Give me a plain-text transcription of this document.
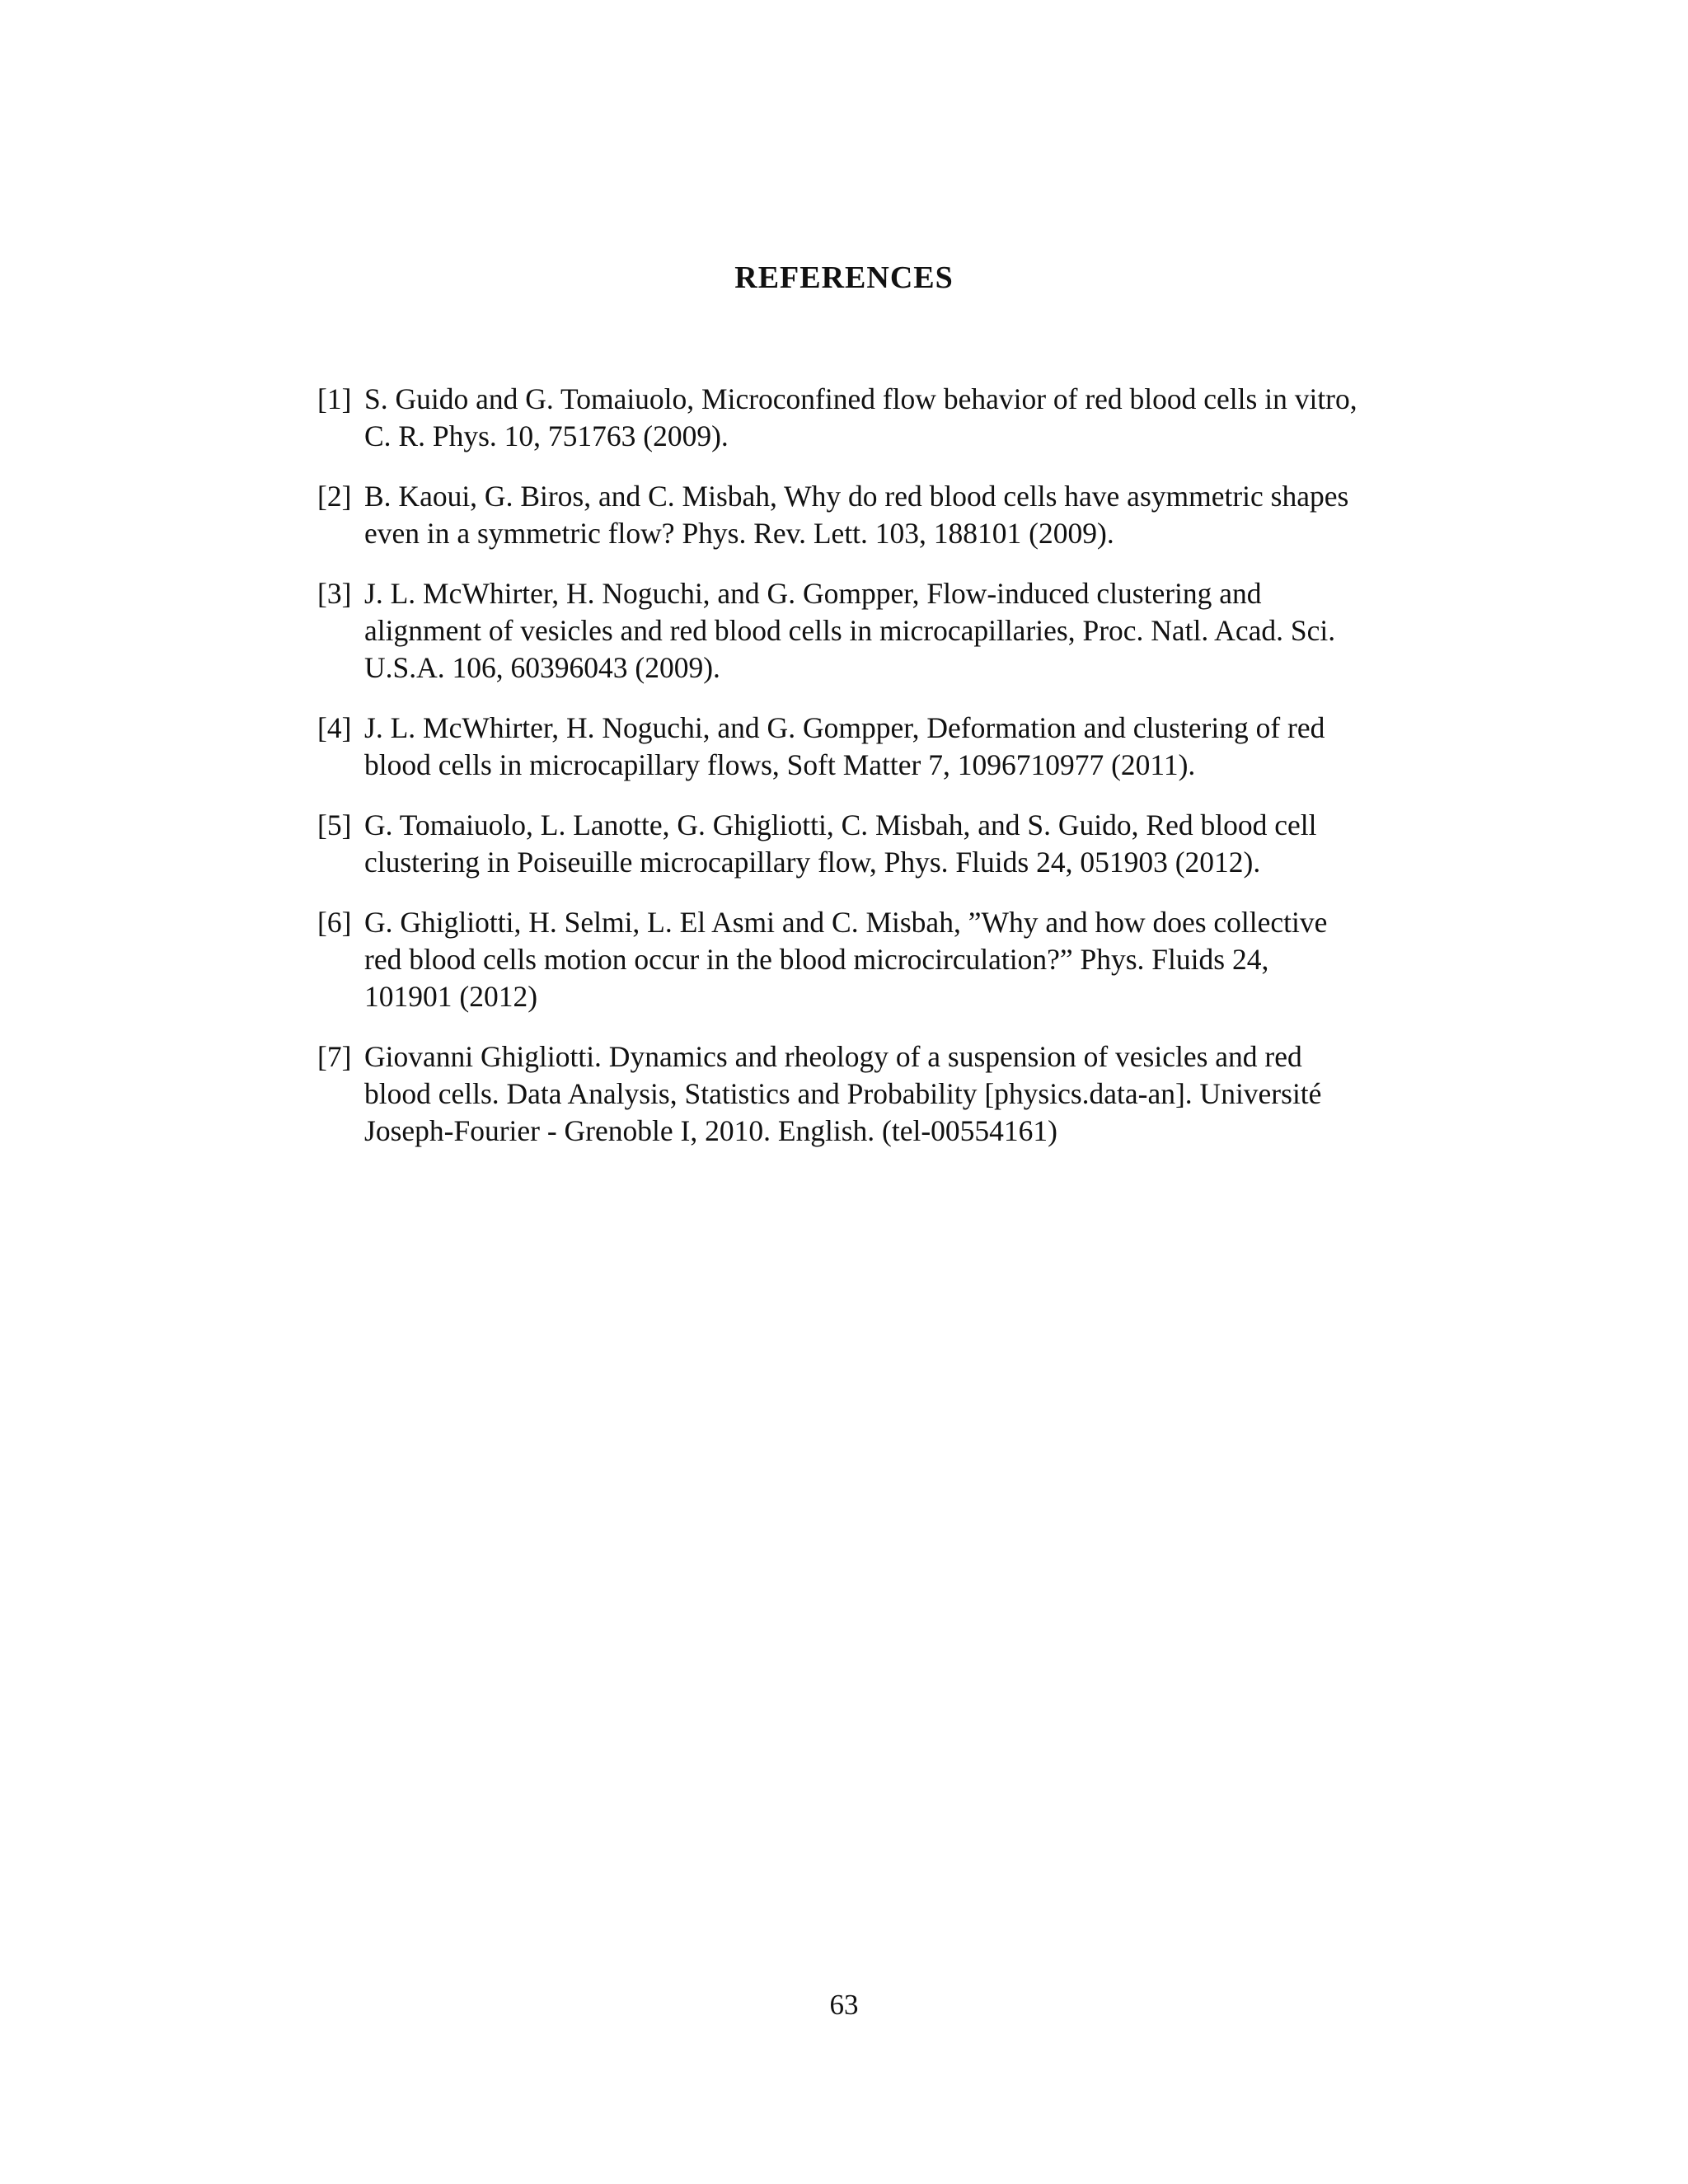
REFERENCES
[1] S. Guido and G. Tomaiuolo, Microconfined flow behavior of red blood cells in vitro,
C. R. Phys. 10, 751763 (2009).
[2] B. Kaoui, G. Biros, and C. Misbah, Why do red blood cells have asymmetric shapes
even in a symmetric flow? Phys. Rev. Lett. 103, 188101 (2009).
[3] J. L. McWhirter, H. Noguchi, and G. Gompper, Flow-induced clustering and
alignment of vesicles and red blood cells in microcapillaries, Proc. Natl. Acad. Sci.
U.S.A. 106, 60396043 (2009).
[4] J. L. McWhirter, H. Noguchi, and G. Gompper, Deformation and clustering of red
blood cells in microcapillary flows, Soft Matter 7, 1096710977 (2011).
[5] G. Tomaiuolo, L. Lanotte, G. Ghigliotti, C. Misbah, and S. Guido, Red blood cell
clustering in Poiseuille microcapillary flow, Phys. Fluids 24, 051903 (2012).
[6] G. Ghigliotti, H. Selmi, L. El Asmi and C. Misbah, ”Why and how does collective
red blood cells motion occur in the blood microcirculation?” Phys. Fluids 24,
101901 (2012)
[7] Giovanni Ghigliotti. Dynamics and rheology of a suspension of vesicles and red
blood cells. Data Analysis, Statistics and Probability [physics.data-an]. Université
Joseph-Fourier - Grenoble I, 2010. English. (tel-00554161)
63
